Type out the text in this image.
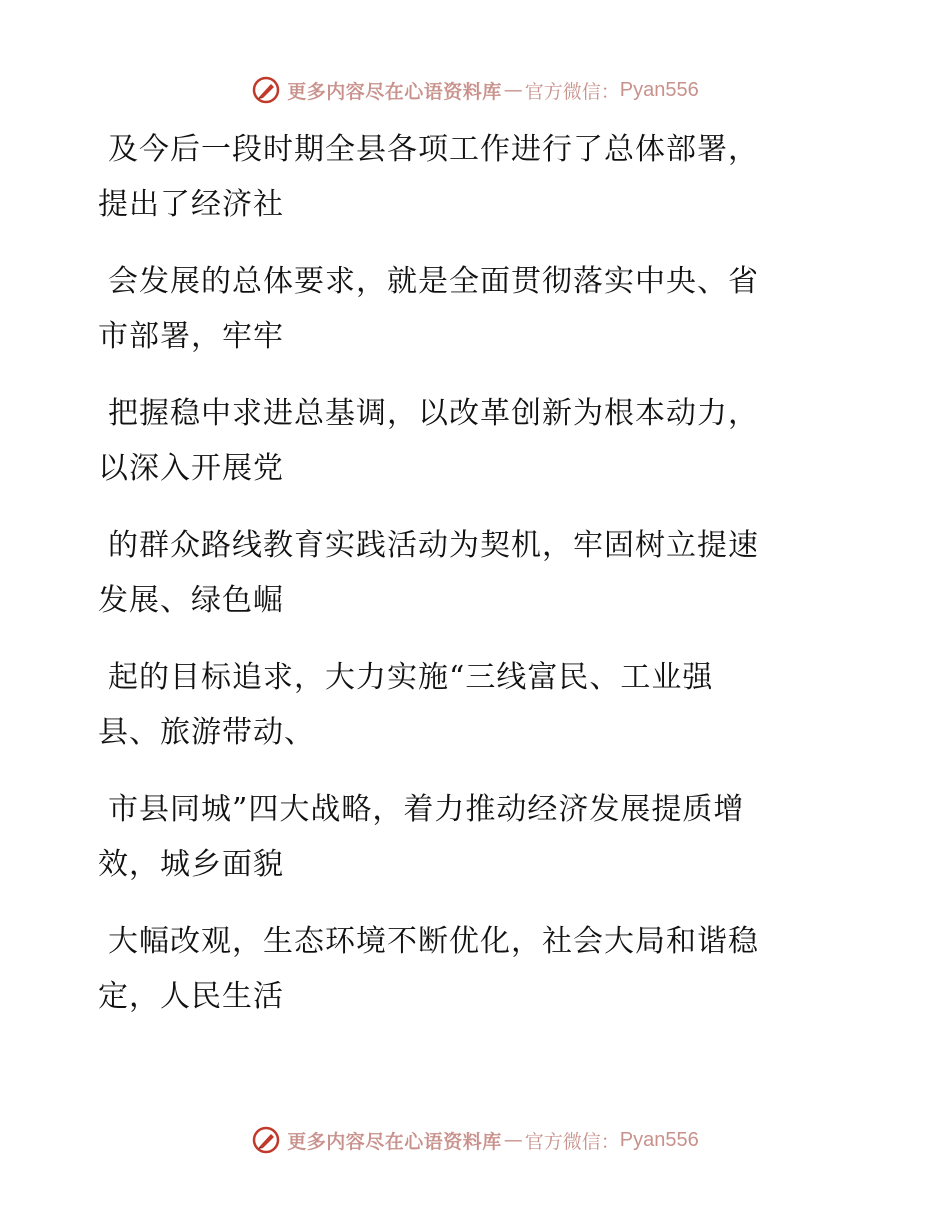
更多内容尽在心语资料库 — 官方微信： Pyan556

及今后一段时期全县各项工作进行了总体部署，
提出了经济社

会发展的总体要求，就是全面贯彻落实中央、省
市部署，牢牢

把握稳中求进总基调，以改革创新为根本动力，
以深入开展党

的群众路线教育实践活动为契机，牢固树立提速
发展、绿色崛

起的目标追求，大力实施“三线富民、工业强
县、旅游带动、

市县同城”四大战略，着力推动经济发展提质增
效，城乡面貌

大幅改观，生态环境不断优化，社会大局和谐稳
定，人民生活

更多内容尽在心语资料库 — 官方微信： Pyan556
